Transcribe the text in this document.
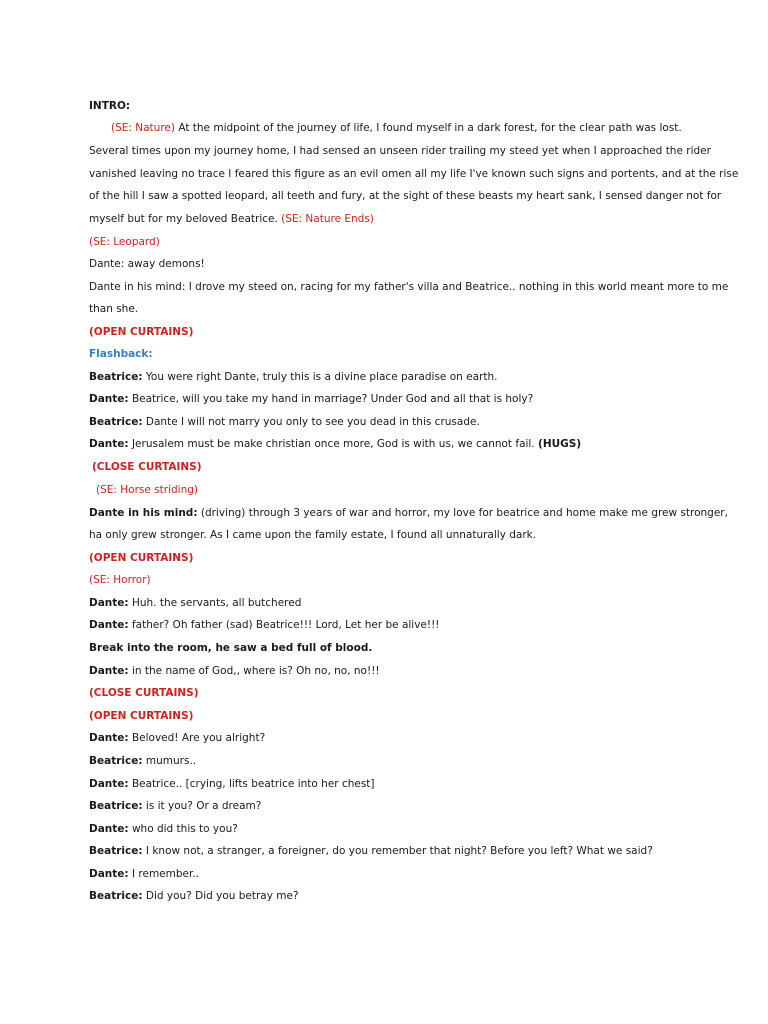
INTRO:
(SE: Nature) At the midpoint of the journey of life, I found myself in a dark forest, for the clear path was lost.
Several times upon my journey home, I had sensed an unseen rider trailing my steed yet when I approached the rider
vanished leaving no trace I feared this figure as an evil omen all my life I've known such signs and portents, and at the rise
of the hill I saw a spotted leopard, all teeth and fury, at the sight of these beasts my heart sank, I sensed danger not for
myself but for my beloved Beatrice. (SE: Nature Ends)
(SE: Leopard)
Dante: away demons!
Dante in his mind: I drove my steed on, racing for my father's villa and Beatrice.. nothing in this world meant more to me
than she.
(OPEN CURTAINS)
Flashback:
Beatrice: You were right Dante, truly this is a divine place paradise on earth.
Dante: Beatrice, will you take my hand in marriage? Under God and all that is holy?
Beatrice: Dante I will not marry you only to see you dead in this crusade.
Dante: Jerusalem must be make christian once more, God is with us, we cannot fail. (HUGS)
(CLOSE CURTAINS)
(SE: Horse striding)
Dante in his mind: (driving) through 3 years of war and horror, my love for beatrice and home make me grew stronger,
ha only grew stronger. As I came upon the family estate, I found all unnaturally dark.
(OPEN CURTAINS)
(SE: Horror)
Dante: Huh. the servants, all butchered
Dante: father? Oh father (sad) Beatrice!!! Lord, Let her be alive!!!
Break into the room, he saw a bed full of blood.
Dante: in the name of God,, where is? Oh no, no, no!!!
(CLOSE CURTAINS)
(OPEN CURTAINS)
Dante: Beloved! Are you alright?
Beatrice: mumurs..
Dante: Beatrice.. [crying, lifts beatrice into her chest]
Beatrice: is it you? Or a dream?
Dante: who did this to you?
Beatrice: I know not, a stranger, a foreigner, do you remember that night? Before you left? What we said?
Dante: I remember..
Beatrice: Did you? Did you betray me?
